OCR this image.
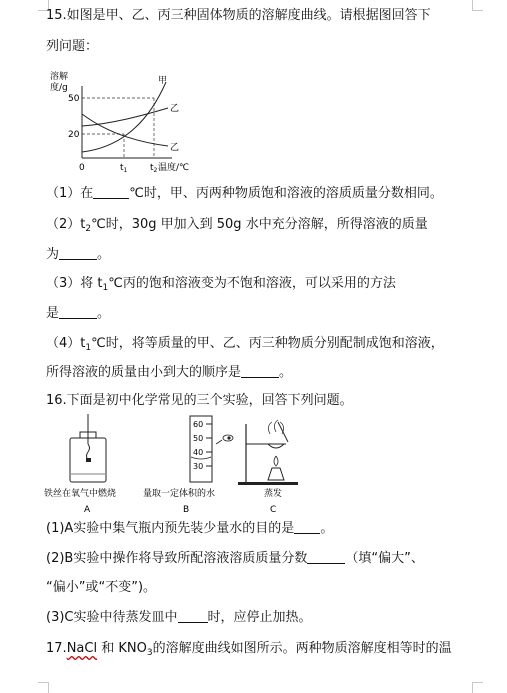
15.如图是甲、乙、丙三种固体物质的溶解度曲线。请根据图回答下
列问题：
溶解
度/g
50
20
甲
乙
乙
0	$t_1$	$t_2$ 温度/℃
（1）在	℃时，甲、丙两种物质饱和溶液的溶质质量分数相同。
$(2)t_2℃$时，30g 甲加入到 50g 水中充分溶解，所得溶液的质量
为	。
（3）将 $t_1℃$丙的饱和溶液变为不饱和溶液，可以采用的方法
是	。
$(4)t_1℃$时，将等质量的甲、乙、丙三种物质分别配制成饱和溶液，
所得溶液的质量由小到大的顺序是	。
16.下面是初中化学常见的三个实验，回答下列问题。
铁丝在氧气中燃烧
A
60
50
40
30
量取一定体积的水
B
蒸发
C
(1)A实验中集气瓶内预先装少量水的目的是 。
(2)B实验中操作将导致所配溶液溶质质量分数	（填“偏大”、
“偏小”或“不变”)。
(3)C实验中待蒸发皿中 时，应停止加热。
17.NaCl 和 $KNO_3$的溶解度曲线如图所示。两种物质溶解度相等时的温
